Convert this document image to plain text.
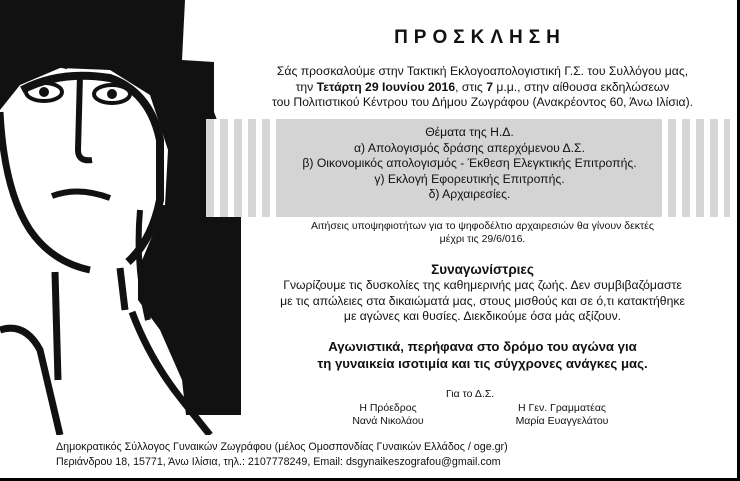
ΠΡΟΣΚΛΗΣΗ
Σάς προσκαλούμε στην Τακτική Εκλογοαπολογιστική Γ.Σ. του Συλλόγου μας,
την Τετάρτη 29 Ιουνίου 2016, στις 7 μ.μ., στην αίθουσα εκδηλώσεων
του Πολιτιστικού Κέντρου του Δήμου Ζωγράφου (Ανακρέοντος 60, Άνω Ιλίσια).
Θέματα της Η.Δ.
α) Απολογισμός δράσης απερχόμενου Δ.Σ.
β) Οικονομικός απολογισμός - Έκθεση Ελεγκτικής Επιτροπής.
γ) Εκλογή Εφορευτικής Επιτροπής.
δ) Αρχαιρεσίες.
Αιτήσεις υποψηφιοτήτων για το ψηφοδέλτιο αρχαιρεσιών θα γίνουν δεκτές
μέχρι τις 29/6/016.
Συναγωνίστριες
Γνωρίζουμε τις δυσκολίες της καθημερινής μας ζωής. Δεν συμβιβαζόμαστε
με τις απώλειες στα δικαιώματά μας, στους μισθούς και σε ό,τι κατακτήθηκε
με αγώνες και θυσίες. Διεκδικούμε όσα μάς αξίζουν.
Αγωνιστικά, περήφανα στο δρόμο του αγώνα για
τη γυναικεία ισοτιμία και τις σύγχρονες ανάγκες μας.
Για το Δ.Σ.
Η Πρόεδρος
Νανά Νικολάου
Η Γεν. Γραμματέας
Μαρία Ευαγγελάτου
Δημοκρατικός Σύλλογος Γυναικών Ζωγράφου (μέλος Ομοσπονδίας Γυναικών Ελλάδος / oge.gr)
Περιάνδρου 18, 15771, Άνω Ιλίσια, τηλ.: 2107778249, Email: dsgynaikeszografou@gmail.com
